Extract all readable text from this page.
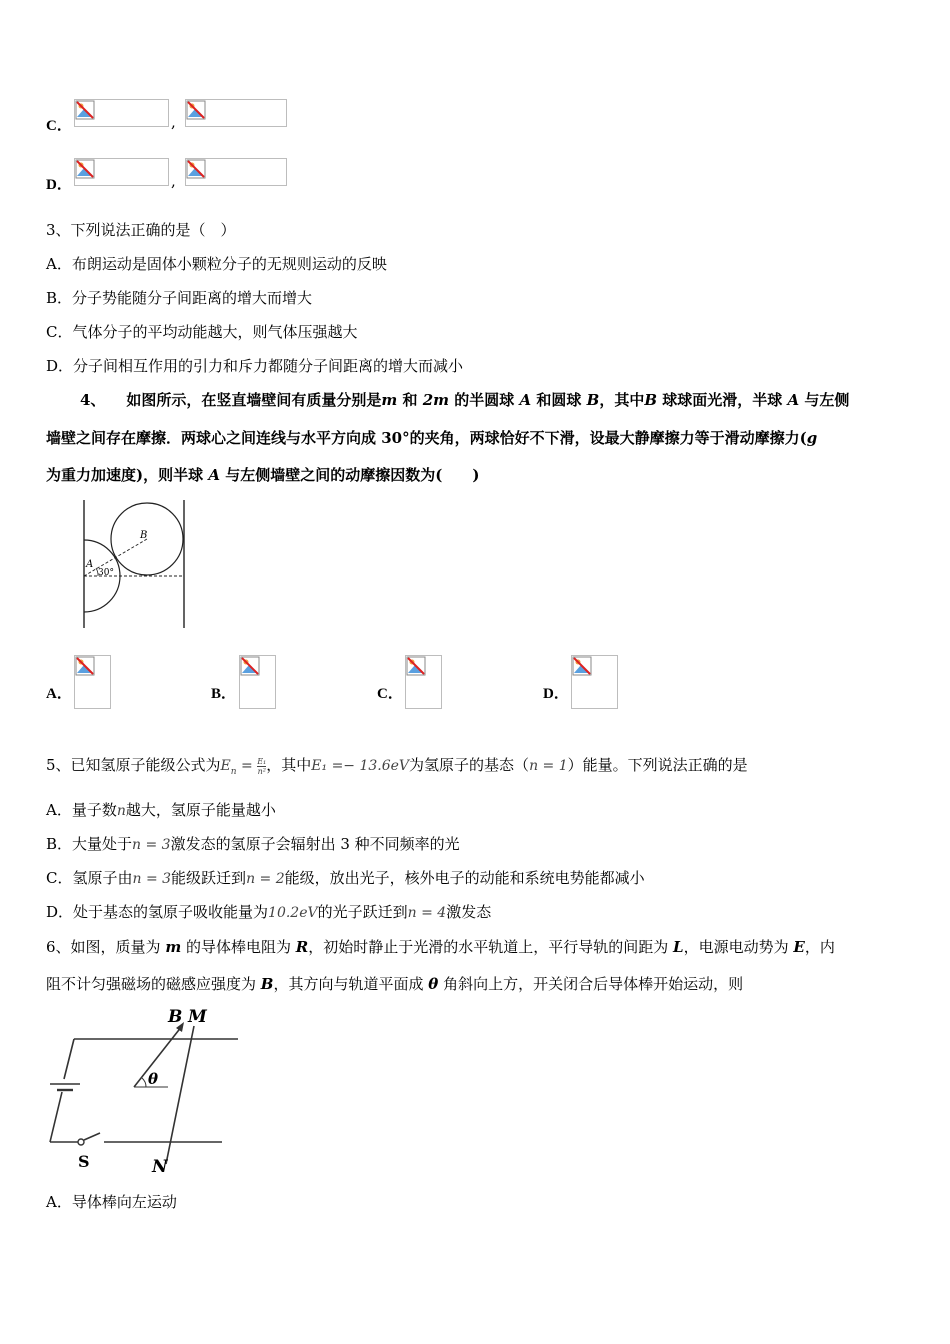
C．	,
D．	,
3、下列说法正确的是（　）
A．布朗运动是固体小颗粒分子的无规则运动的反映
B．分子势能随分子间距离的增大而增大
C．气体分子的平均动能越大，则气体压强越大
D．分子间相互作用的引力和斥力都随分子间距离的增大而减小
4、 如图所示，在竖直墙壁间有质量分别是m 和 2m 的半圆球 A 和圆球 B，其中B 球球面光滑，半球 A 与左侧
墙壁之间存在摩擦．两球心之间连线与水平方向成 30°的夹角，两球恰好不下滑，设最大静摩擦力等于滑动摩擦力(g
为重力加速度)，则半球 A 与左侧墙壁之间的动摩擦因数为(　　)
A
B
30°
A．	B．	C．	D．
5、已知氢原子能级公式为$E_n = \frac{\text{E₁}}{\text{n²}}$ ，其中E₁ =− 13.6eV为氢原子的基态（n = 1）能量。下列说法正确的是
A．量子数n越大，氢原子能量越小
B．大量处于n = 3激发态的氢原子会辐射出 3 种不同频率的光
C．氢原子由n = 3能级跃迁到n = 2能级，放出光子，核外电子的动能和系统电势能都减小
D．处于基态的氢原子吸收能量为10.2eV的光子跃迁到n = 4激发态
6、如图，质量为 m 的导体棒电阻为 R，初始时静止于光滑的水平轨道上，平行导轨的间距为 L，电源电动势为 E，内
阻不计匀强磁场的磁感应强度为 B，其方向与轨道平面成 θ 角斜向上方，开关闭合后导体棒开始运动，则
B M
θ
S	N
A．导体棒向左运动
